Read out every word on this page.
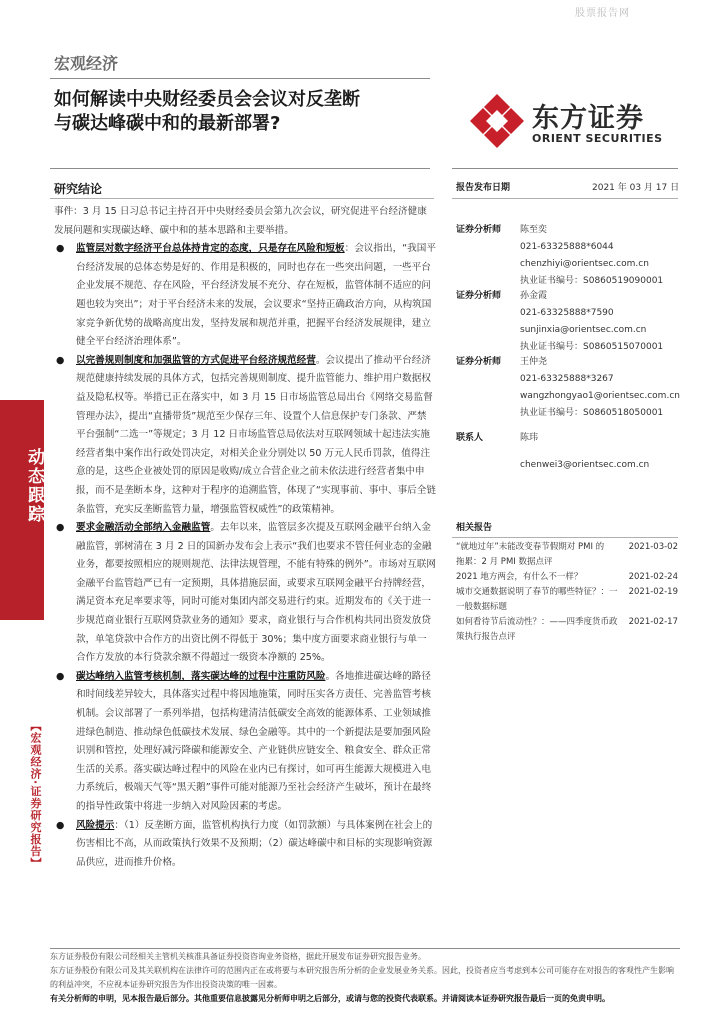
股票报告网
动态跟踪
【宏观经济·证券研究报告】
宏观经济
如何解读中央财经委员会会议对反垄断
与碳达峰碳中和的最新部署?	东方证券
ORIENT SECURITIES
研究结论

事件：3 月 15 日习总书记主持召开中央财经委员会第九次会议，研究促进平台经济健康发展问题和实现碳达峰、碳中和的基本思路和主要举措。

● 监管层对数字经济平台总体持肯定的态度，只是存在风险和短板：会议指出，“我国平台经济发展的总体态势是好的、作用是积极的，同时也存在一些突出问题，一些平台企业发展不规范、存在风险，平台经济发展不充分、存在短板，监管体制不适应的问题也较为突出”；对于平台经济未来的发展，会议要求“坚持正确政治方向，从构筑国家竞争新优势的战略高度出发，坚持发展和规范并重，把握平台经济发展规律，建立健全平台经济治理体系”。

● 以完善规则制度和加强监管的方式促进平台经济规范经营。会议提出了推动平台经济规范健康持续发展的具体方式，包括完善规则制度、提升监管能力、维护用户数据权益及隐私权等。举措已正在落实中，如 3 月 15 日市场监管总局出台《网络交易监督管理办法》，提出“直播带货”规范至少保存三年、设置个人信息保护专门条款、严禁平台强制“二选一”等规定；3 月 12 日市场监管总局依法对互联网领域十起违法实施经营者集中案作出行政处罚决定，对相关企业分别处以 50 万元人民币罚款，值得注意的是，这些企业被处罚的原因是收购/成立合营企业之前未依法进行经营者集中申报，而不是垄断本身，这种对于程序的追溯监管，体现了“实现事前、事中、事后全链条监管，充实反垄断监管力量，增强监管权威性”的政策精神。

● 要求金融活动全部纳入金融监管。去年以来，监管层多次提及互联网金融平台纳入金融监管，郭树清在 3 月 2 日的国新办发布会上表示“我们也要求不管任何业态的金融业务，都要按照相应的规则规范、法律法规管理，不能有特殊的例外”。市场对互联网金融平台监管趋严已有一定预期，具体措施层面，或要求互联网金融平台持牌经营，满足资本充足率要求等，同时可能对集团内部交易进行约束。近期发布的《关于进一步规范商业银行互联网贷款业务的通知》要求，商业银行与合作机构共同出资发放贷款，单笔贷款中合作方的出资比例不得低于 30%；集中度方面要求商业银行与单一合作方发放的本行贷款余额不得超过一级资本净额的 25%。

● 碳达峰纳入监管考核机制，落实碳达峰的过程中注重防风险。各地推进碳达峰的路径和时间线差异较大，具体落实过程中将因地施策，同时压实各方责任、完善监管考核机制。会议部署了一系列举措，包括构建清洁低碳安全高效的能源体系、工业领域推进绿色制造、推动绿色低碳技术发展、绿色金融等。其中的一个新提法是要加强风险识别和管控，处理好减污降碳和能源安全、产业链供应链安全、粮食安全、群众正常生活的关系。落实碳达峰过程中的风险在业内已有探讨，如可再生能源大规模进入电力系统后，极端天气等“黑天鹅”事件可能对能源乃至社会经济产生破坏，预计在最终的指导性政策中将进一步纳入对风险因素的考虑。

● 风险提示：（1）反垄断方面，监管机构执行力度（如罚款额）与具体案例在社会上的伤害相比不高，从而政策执行效果不及预期；（2）碳达峰碳中和目标的实现影响资源品供应，进而推升价格。

报告发布日期	2021 年 03 月 17 日
证券分析师 陈至奕
021-63325888*6044
chenzhiyi@orientsec.com.cn
执业证书编号：S0860519090001
证券分析师 孙金霞
021-63325888*7590
sunjinxia@orientsec.com.cn
执业证书编号：S0860515070001
证券分析师 王仲尧
021-63325888*3267
wangzhongyao1@orientsec.com.cn
执业证书编号：S0860518050001
联系人	陈玮
chenwei3@orientsec.com.cn
相关报告
“就地过年”未能改变春节假期对 PMI 的
拖累：2 月 PMI 数据点评
2021-03-02
2021 地方两会，有什么不一样？	2021-02-24
城市交通数据说明了春节的哪些特征？：一
一般数据标题
2021-02-19
如何看待节后流动性？：——四季度货币政
策执行报告点评
2021-02-17
东方证券股份有限公司经相关主管机关核准具备证券投资咨询业务资格，据此开展发布证券研究报告业务。
东方证券股份有限公司及其关联机构在法律许可的范围内正在或将要与本研究报告所分析的企业发展业务关系。因此，投资者应当考虑到本公司可能存在对报告的客观性产生影响的利益冲突，不应视本证券研究报告为作出投资决策的唯一因素。
有关分析师的申明，见本报告最后部分。其他重要信息披露见分析师申明之后部分，或请与您的投资代表联系。并请阅读本证券研究报告最后一页的免责申明。
